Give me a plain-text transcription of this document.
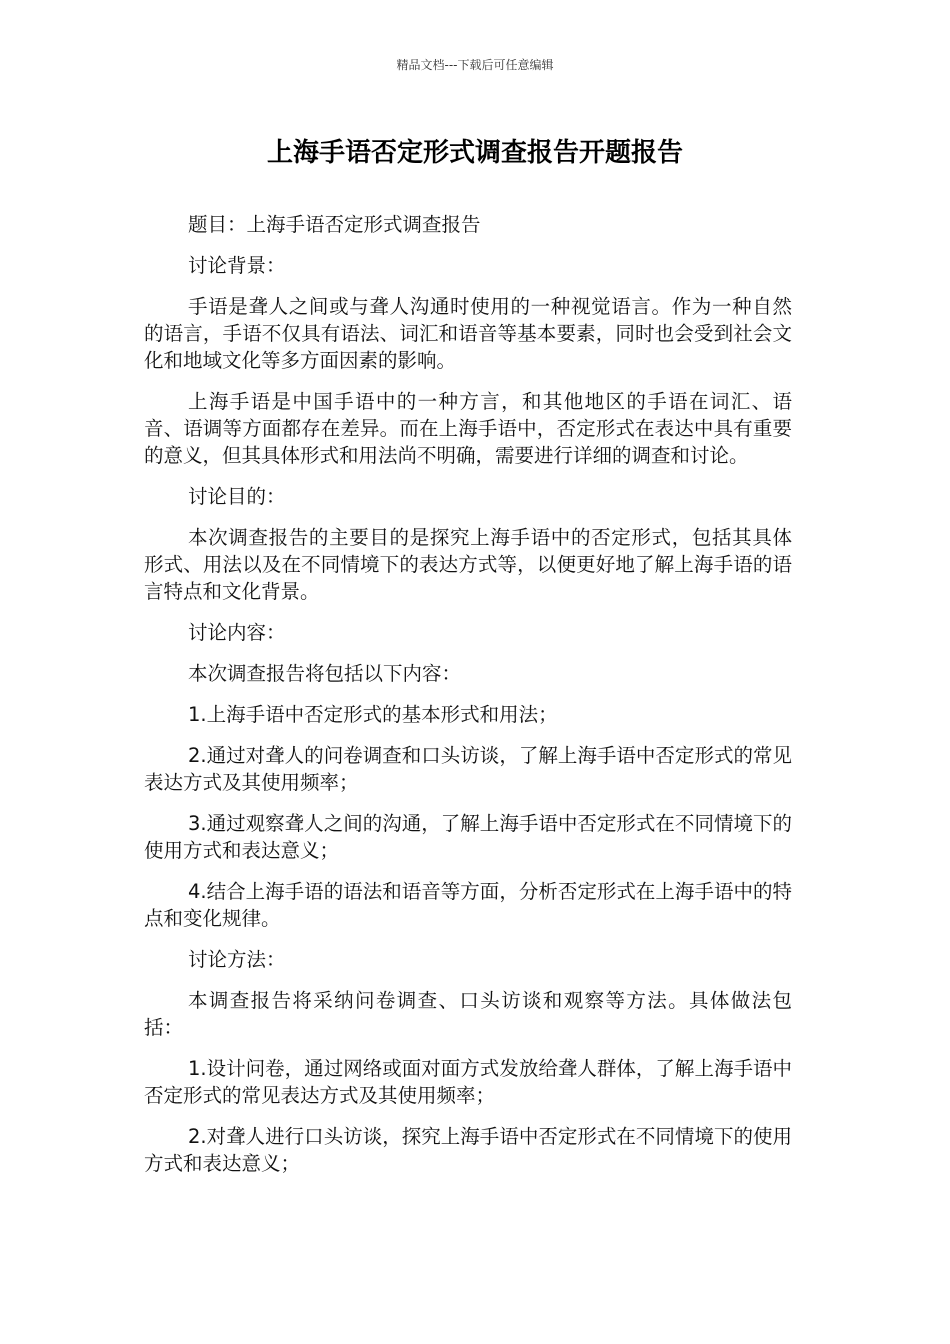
精品文档---下载后可任意编辑
上海手语否定形式调查报告开题报告

题目：上海手语否定形式调查报告

讨论背景：

手语是聋人之间或与聋人沟通时使用的一种视觉语言。作为一种自然的语言，手语不仅具有语法、词汇和语音等基本要素，同时也会受到社会文化和地域文化等多方面因素的影响。

上海手语是中国手语中的一种方言，和其他地区的手语在词汇、语音、语调等方面都存在差异。而在上海手语中，否定形式在表达中具有重要的意义，但其具体形式和用法尚不明确，需要进行详细的调查和讨论。

讨论目的：

本次调查报告的主要目的是探究上海手语中的否定形式，包括其具体形式、用法以及在不同情境下的表达方式等，以便更好地了解上海手语的语言特点和文化背景。

讨论内容：

本次调查报告将包括以下内容：

1.上海手语中否定形式的基本形式和用法；

2.通过对聋人的问卷调查和口头访谈，了解上海手语中否定形式的常见表达方式及其使用频率；

3.通过观察聋人之间的沟通，了解上海手语中否定形式在不同情境下的使用方式和表达意义；

4.结合上海手语的语法和语音等方面，分析否定形式在上海手语中的特点和变化规律。

讨论方法：

本调查报告将采纳问卷调查、口头访谈和观察等方法。具体做法包括：

1.设计问卷，通过网络或面对面方式发放给聋人群体，了解上海手语中否定形式的常见表达方式及其使用频率；

2.对聋人进行口头访谈，探究上海手语中否定形式在不同情境下的使用方式和表达意义；
